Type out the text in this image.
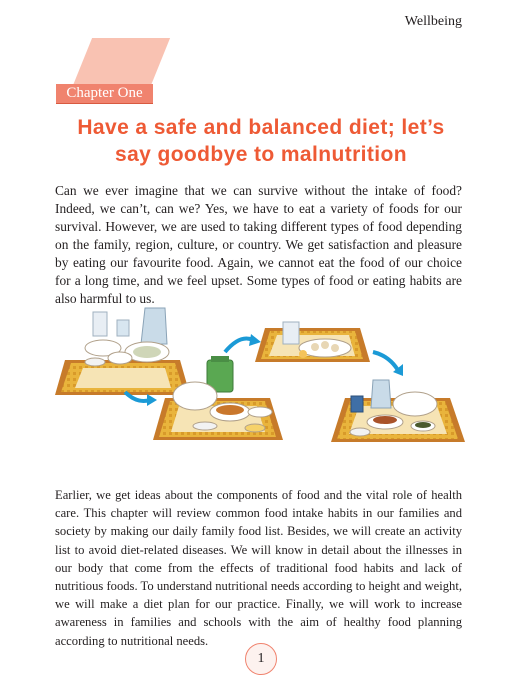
Wellbeing
Chapter One
Have a safe and balanced diet; let’s
say goodbye to malnutrition
Can we ever imagine that we can survive without the intake of food? Indeed, we can’t, can we? Yes, we have to eat a variety of foods for our survival. However, we are used to taking different types of food depending on the family, region, culture, or country. We get satisfaction and pleasure by eating our favourite food. Again, we cannot eat the food of our choice for a long time, and we feel upset. Some types of food or eating habits are also harmful to us.
Earlier, we get ideas about the components of food and the vital role of health care. This chapter will review common food intake habits in our families and society by making our daily family food list. Besides, we will create an activity list to avoid diet-related diseases. We will know in detail about the illnesses in our body that come from the effects of traditional food habits and lack of nutritious foods. To understand nutritional needs according to height and weight, we will make a diet plan for our practice. Finally, we will work to increase awareness in families and schools with the aim of healthy food planning according to nutritional needs.
1
